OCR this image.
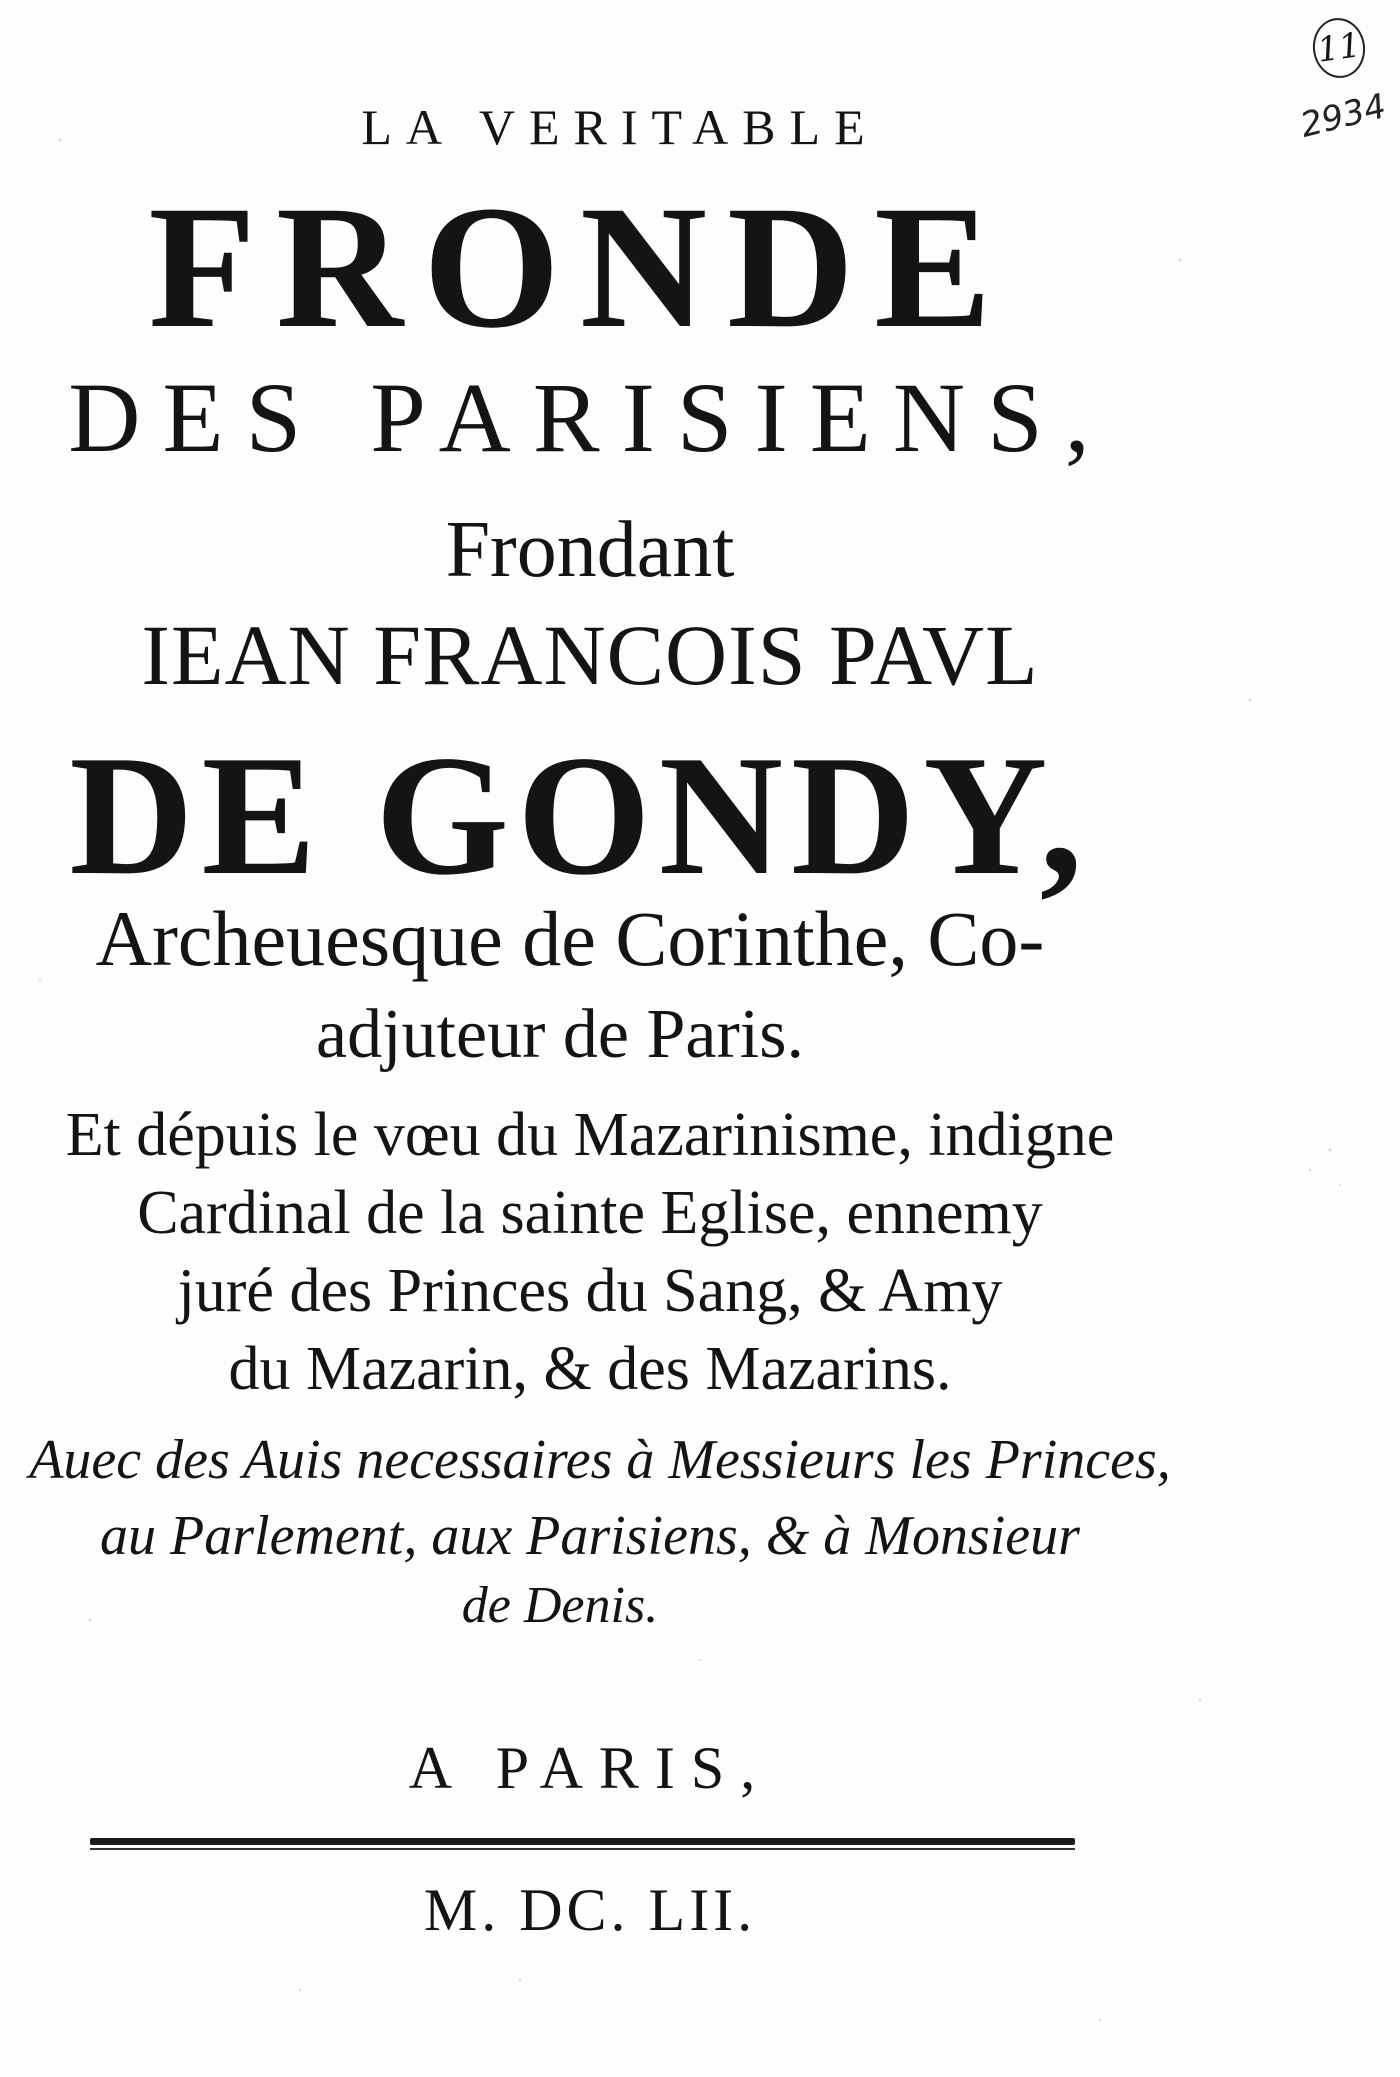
LA VERITABLE
FRONDE
DES PARISIENS,
Frondant
IEAN FRANCOIS PAVL
DE GONDY,
Archeuesque de Corinthe, Co-
adjuteur de Paris.
Et dépuis le vœu du Mazarinisme, indigne
Cardinal de la sainte Eglise, ennemy
juré des Princes du Sang, & Amy
du Mazarin, & des Mazarins.
Auec des Auis necessaires à Messieurs les Princes,
au Parlement, aux Parisiens, & à Monsieur
de Denis.
A PARIS,
M. DC. LII.
11
2934
